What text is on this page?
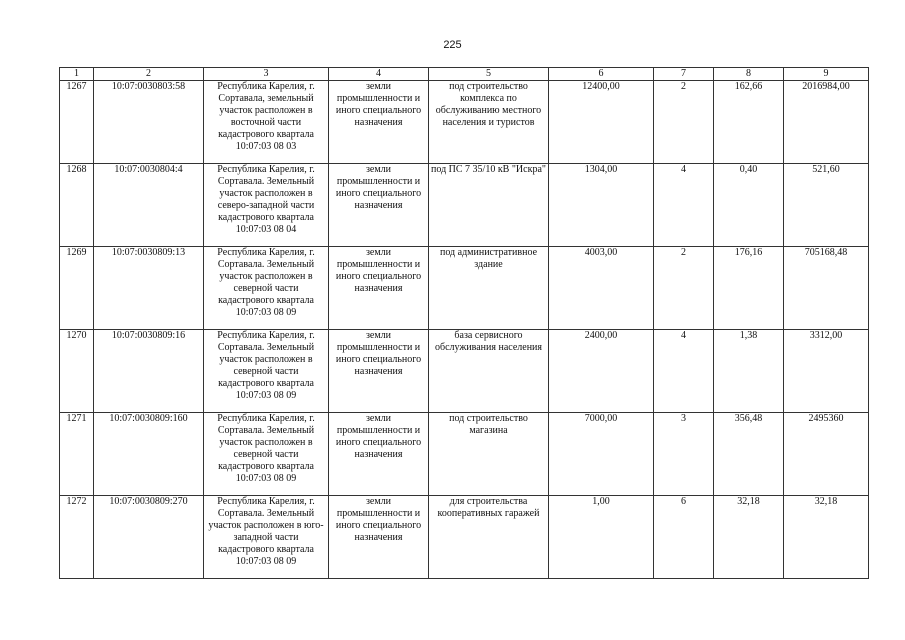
225
1	2	3	4	5	6	7	8	9
1267	10:07:0030803:58	Республика Карелия, г. Сортавала, земельный участок расположен в восточной части кадастрового квартала 10:07:03 08 03	земли промышленности и иного специального назначения	под строительство комплекса по обслуживанию местного населения и туристов	12400,00	2	162,66	2016984,00
1268	10:07:0030804:4	Республика Карелия, г. Сортавала. Земельный участок расположен в северо-западной части кадастрового квартала 10:07:03 08 04	земли промышленности и иного специального назначения	под ПС 7 35/10 кВ "Искра"	1304,00	4	0,40	521,60
1269	10:07:0030809:13	Республика Карелия, г. Сортавала. Земельный участок расположен в северной части кадастрового квартала 10:07:03 08 09	земли промышленности и иного специального назначения	под административное здание	4003,00	2	176,16	705168,48
1270	10:07:0030809:16	Республика Карелия, г. Сортавала. Земельный участок расположен в северной части кадастрового квартала 10:07:03 08 09	земли промышленности и иного специального назначения	база сервисного обслуживания населения	2400,00	4	1,38	3312,00
1271	10:07:0030809:160	Республика Карелия, г. Сортавала. Земельный участок расположен в северной части кадастрового квартала 10:07:03 08 09	земли промышленности и иного специального назначения	под строительство магазина	7000,00	3	356,48	2495360
1272	10:07:0030809:270	Республика Карелия, г. Сортавала. Земельный участок расположен в юго-западной части кадастрового квартала 10:07:03 08 09	земли промышленности и иного специального назначения	для строительства кооперативных гаражей	1,00	6	32,18	32,18
